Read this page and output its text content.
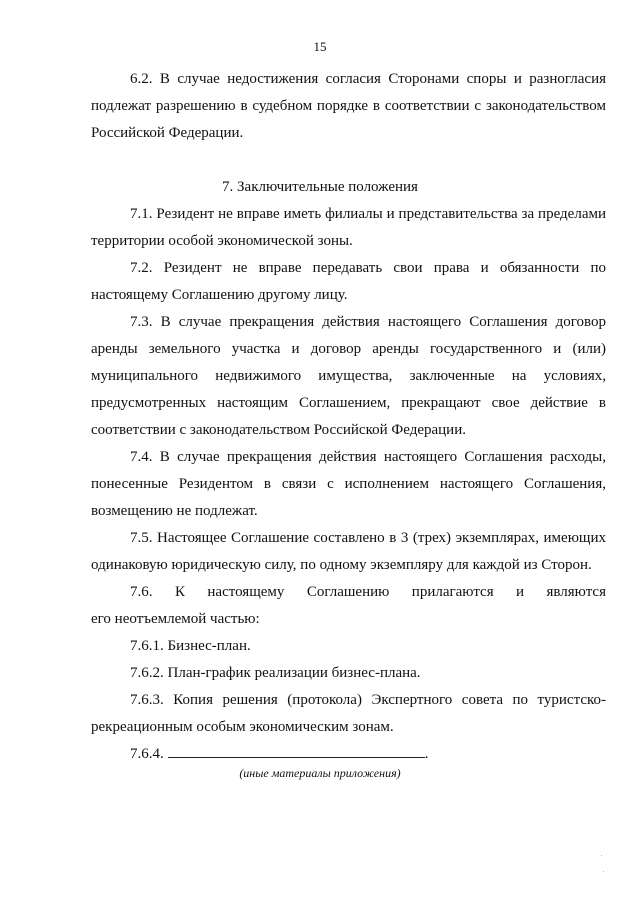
15

6.2. В случае недостижения согласия Сторонами споры и разногласия подлежат разрешению в судебном порядке в соответствии с законодательством Российской Федерации.

7. Заключительные положения

7.1. Резидент не вправе иметь филиалы и представительства за пределами территории особой экономической зоны.

7.2. Резидент не вправе передавать свои права и обязанности по настоящему Соглашению другому лицу.

7.3. В случае прекращения действия настоящего Соглашения договор аренды земельного участка и договор аренды государственного и (или) муниципального недвижимого имущества, заключенные на условиях, предусмотренных настоящим Соглашением, прекращают свое действие в соответствии с законодательством Российской Федерации.

7.4. В случае прекращения действия настоящего Соглашения расходы, понесенные Резидентом в связи с исполнением настоящего Соглашения, возмещению не подлежат.

7.5. Настоящее Соглашение составлено в 3 (трех) экземплярах, имеющих одинаковую юридическую силу, по одному экземпляру для каждой из Сторон.

7.6. К настоящему Соглашению прилагаются и являются
его неотъемлемой частью:
7.6.1. Бизнес-план.
7.6.2. План-график реализации бизнес-плана.

7.6.3. Копия решения (протокола) Экспертного совета по туристско-рекреационным особым экономическим зонам.

7.6.4.	.
(иные материалы приложения)
